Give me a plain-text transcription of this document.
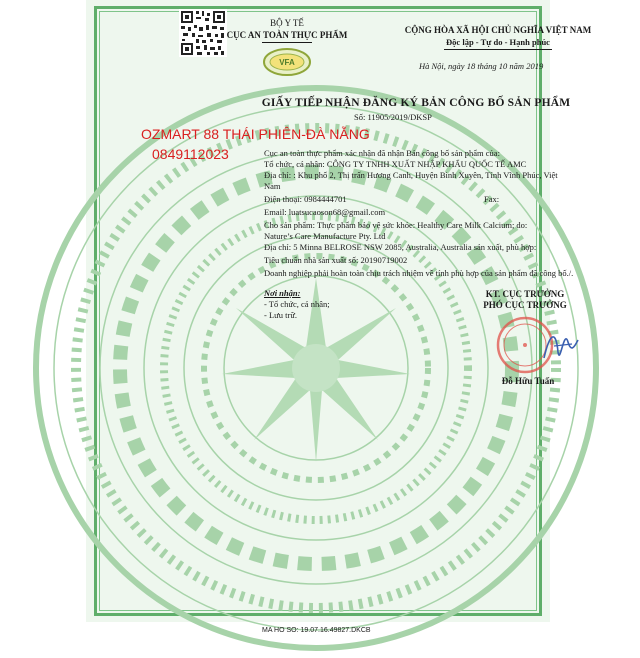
BỘ Y TẾ
CỤC AN TOÀN THỰC PHẨM
VFA
CỘNG HÒA XÃ HỘI CHỦ NGHĨA VIỆT NAM
Độc lập - Tự do - Hạnh phúc
Hà Nội, ngày 18 tháng 10 năm 2019
GIẤY TIẾP NHẬN ĐĂNG KÝ BẢN CÔNG BỐ SẢN PHẨM
Số: 11905/2019/DKSP
Cục an toàn thực phẩm xác nhận đã nhận Bản công bố sản phẩm của:
Tổ chức, cá nhân: CÔNG TY TNHH XUẤT NHẬP KHẨU QUỐC TẾ AMC
Địa chỉ: : Khu phố 2, Thị trấn Hương Canh, Huyện Bình Xuyên, Tỉnh Vĩnh Phúc, Việt
Nam
Điện thoại: 0984444701	Fax:
Email: luatsucaoson68@gmail.com
Cho sản phẩm: Thực phẩm bảo vệ sức khỏe: Healthy Care Milk Calcium; do:
Nature’s Care Manufacture Pty. Ltd
Địa chỉ: 5 Minna BELROSE NSW 2085, Australia, Australia sản xuất, phù hợp:
Tiêu chuẩn nhà sản xuất số: 20190719002
Doanh nghiệp phải hoàn toàn chịu trách nhiệm về tính phù hợp của sản phẩm đã công bố./.
Nơi nhận:
- Tổ chức, cá nhân;
- Lưu trữ.
KT. CỤC TRƯỞNG
PHÓ CỤC TRƯỞNG
Đỗ Hữu Tuấn
OZMART 88 THÁI PHIÊN-ĐÀ NẴNG
0849112023
MA HO SO: 19.07.16.49827.DKCB
